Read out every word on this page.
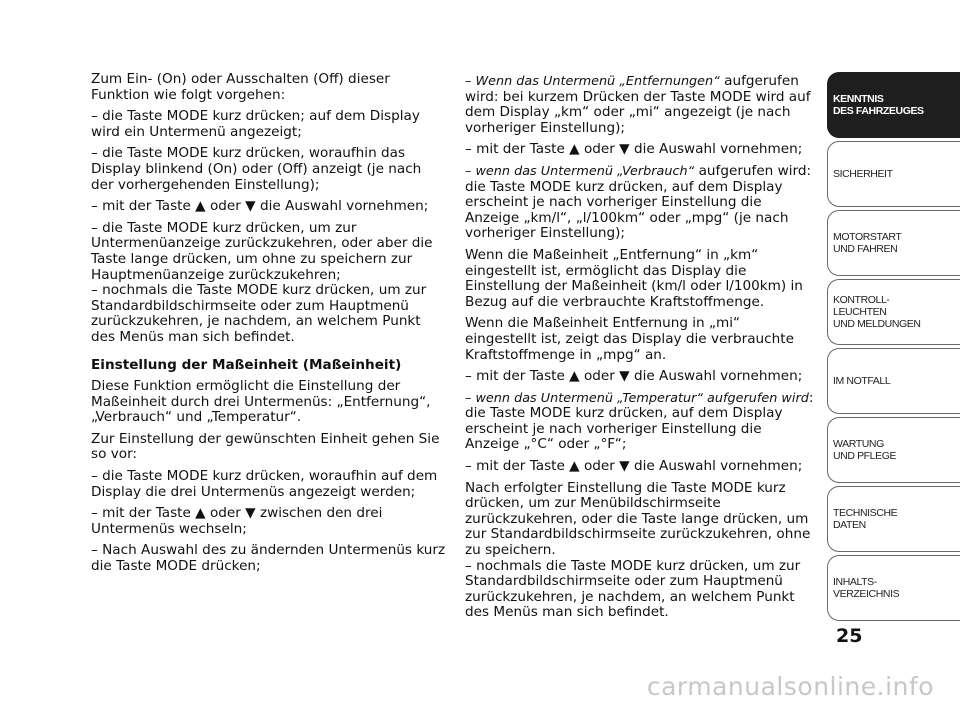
Zum Ein- (On) oder Ausschalten (Off) dieser Funktion wie folgt vorgehen:

– die Taste MODE kurz drücken; auf dem Display wird ein Untermenü angezeigt;

– die Taste MODE kurz drücken, woraufhin das Display blinkend (On) oder (Off) anzeigt (je nach der vorhergehenden Einstellung);

– mit der Taste ▲ oder ▼ die Auswahl vornehmen;

– die Taste MODE kurz drücken, um zur Untermenüanzeige zurückzukehren, oder aber die Taste lange drücken, um ohne zu speichern zur Hauptmenüanzeige zurückzukehren;

– nochmals die Taste MODE kurz drücken, um zur Standardbildschirmseite oder zum Hauptmenü zurückzukehren, je nachdem, an welchem Punkt des Menüs man sich befindet.

Einstellung der Maßeinheit (Maßeinheit)

Diese Funktion ermöglicht die Einstellung der Maßeinheit durch drei Untermenüs: „Entfernung“, „Verbrauch“ und „Temperatur“.

Zur Einstellung der gewünschten Einheit gehen Sie so vor:

– die Taste MODE kurz drücken, woraufhin auf dem Display die drei Untermenüs angezeigt werden;

– mit der Taste ▲ oder ▼ zwischen den drei Untermenüs wechseln;

– Nach Auswahl des zu ändernden Untermenüs kurz die Taste MODE drücken;

– Wenn das Untermenü „Entfernungen“ aufgerufen wird: bei kurzem Drücken der Taste MODE wird auf dem Display „km“ oder „mi“ angezeigt (je nach vorheriger Einstellung);

– mit der Taste ▲ oder ▼ die Auswahl vornehmen;

– wenn das Untermenü „Verbrauch“ aufgerufen wird: die Taste MODE kurz drücken, auf dem Display erscheint je nach vorheriger Einstellung die Anzeige „km/l“, „l/100km“ oder „mpg“ (je nach vorheriger Einstellung);

Wenn die Maßeinheit „Entfernung“ in „km“ eingestellt ist, ermöglicht das Display die Einstellung der Maßeinheit (km/l oder l/100km) in Bezug auf die verbrauchte Kraftstoffmenge.

Wenn die Maßeinheit Entfernung in „mi“ eingestellt ist, zeigt das Display die verbrauchte Kraftstoffmenge in „mpg“ an.

– mit der Taste ▲ oder ▼ die Auswahl vornehmen;

– wenn das Untermenü „Temperatur“ aufgerufen wird: die Taste MODE kurz drücken, auf dem Display erscheint je nach vorheriger Einstellung die Anzeige „°C“ oder „°F“;

– mit der Taste ▲ oder ▼ die Auswahl vornehmen;

Nach erfolgter Einstellung die Taste MODE kurz drücken, um zur Menübildschirmseite zurückzukehren, oder die Taste lange drücken, um zur Standardbildschirmseite zurückzukehren, ohne zu speichern.

– nochmals die Taste MODE kurz drücken, um zur Standardbildschirmseite oder zum Hauptmenü zurückzukehren, je nachdem, an welchem Punkt des Menüs man sich befindet.

KENNTNIS
DES FAHRZEUGES
SICHERHEIT
MOTORSTART
UND FAHREN
KONTROLL-
LEUCHTEN
UND MELDUNGEN
IM NOTFALL
WARTUNG
UND PFLEGE
TECHNISCHE
DATEN
INHALTS-
VERZEICHNIS
25
carmanualsonline.info
